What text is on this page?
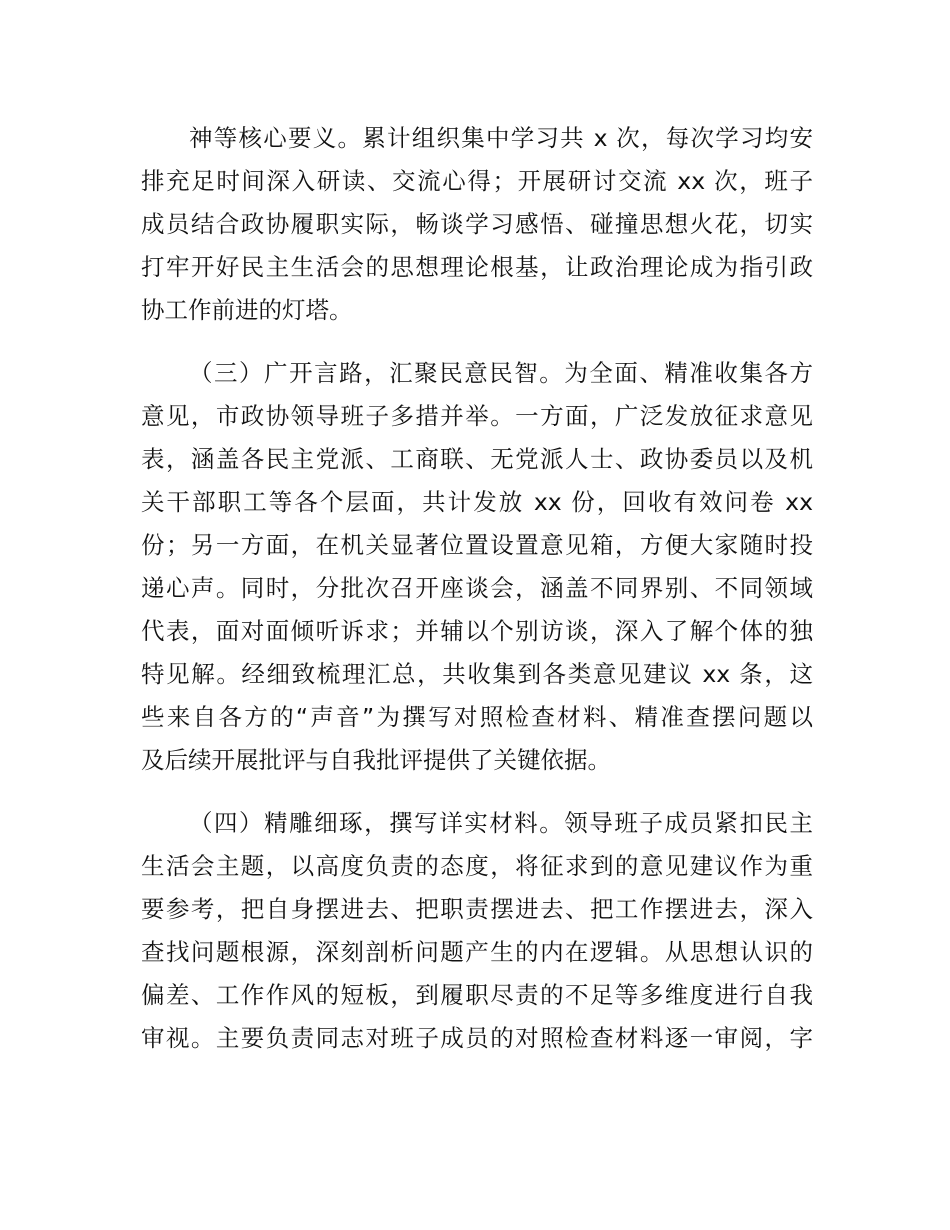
神等核心要义。累计组织集中学习共 x 次，每次学习均安
排充足时间深入研读、交流心得；开展研讨交流 xx 次，班子
成员结合政协履职实际，畅谈学习感悟、碰撞思想火花，切实
打牢开好民主生活会的思想理论根基，让政治理论成为指引政
协工作前进的灯塔。
（三）广开言路，汇聚民意民智。为全面、精准收集各方
意见，市政协领导班子多措并举。一方面，广泛发放征求意见
表，涵盖各民主党派、工商联、无党派人士、政协委员以及机
关干部职工等各个层面，共计发放 xx 份，回收有效问卷 xx
份；另一方面，在机关显著位置设置意见箱，方便大家随时投
递心声。同时，分批次召开座谈会，涵盖不同界别、不同领域
代表，面对面倾听诉求；并辅以个别访谈，深入了解个体的独
特见解。经细致梳理汇总，共收集到各类意见建议 xx 条，这
些来自各方的“声音”为撰写对照检查材料、精准查摆问题以
及后续开展批评与自我批评提供了关键依据。
（四）精雕细琢，撰写详实材料。领导班子成员紧扣民主
生活会主题，以高度负责的态度，将征求到的意见建议作为重
要参考，把自身摆进去、把职责摆进去、把工作摆进去，深入
查找问题根源，深刻剖析问题产生的内在逻辑。从思想认识的
偏差、工作作风的短板，到履职尽责的不足等多维度进行自我
审视。主要负责同志对班子成员的对照检查材料逐一审阅，字
